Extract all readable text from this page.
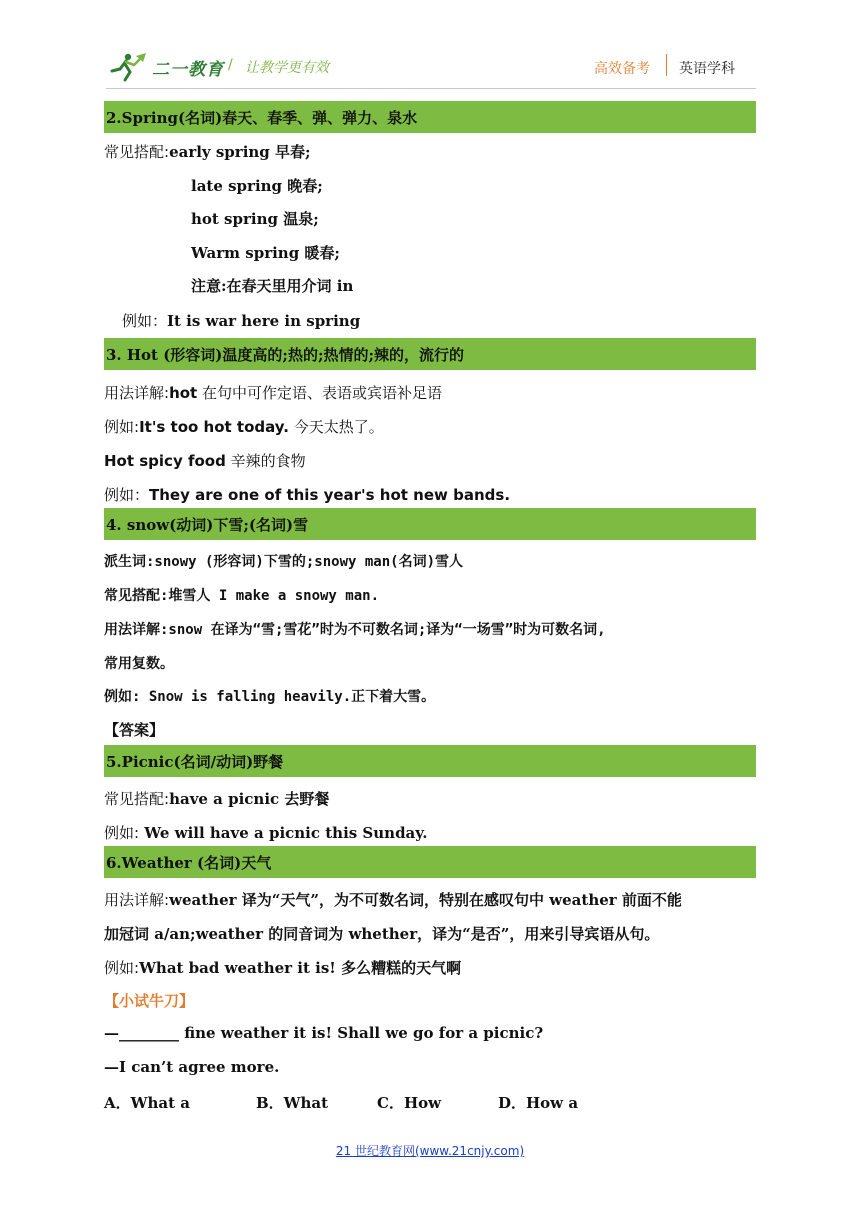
二一教育 / 让教学更有效	高效备考 英语学科
2.Spring(名词)春天、春季、弹、弹力、泉水
常见搭配:early spring 早春;
late spring 晚春;
hot spring 温泉;
Warm spring 暖春;
注意:在春天里用介词 in
例如：It is war here in spring
3. Hot (形容词)温度高的;热的;热情的;辣的，流行的
用法详解:hot 在句中可作定语、表语或宾语补足语
例如:It's too hot today. 今天太热了。
Hot spicy food 辛辣的食物
例如：They are one of this year's hot new bands.
4. snow(动词)下雪;(名词)雪
派生词:snowy (形容词)下雪的;snowy man(名词)雪人
常见搭配:堆雪人 I make a snowy man.
用法详解:snow 在译为“雪;雪花”时为不可数名词;译为“一场雪”时为可数名词,
常用复数。
例如: Snow is falling heavily.正下着大雪。
【答案】
5.Picnic(名词/动词)野餐
常见搭配:have a picnic 去野餐
例如: We will have a picnic this Sunday.
6.Weather (名词)天气
用法详解:weather 译为“天气”，为不可数名词，特别在感叹句中 weather 前面不能
加冠词 a/an;weather 的同音词为 whether，译为“是否”，用来引导宾语从句。
例如:What bad weather it is! 多么糟糕的天气啊
【小试牛刀】
—________ fine weather it is! Shall we go for a picnic?
—I can’t agree more.
A．What a	B．What	C．How	D．How a
21 世纪教育网(www.21cnjy.com)
